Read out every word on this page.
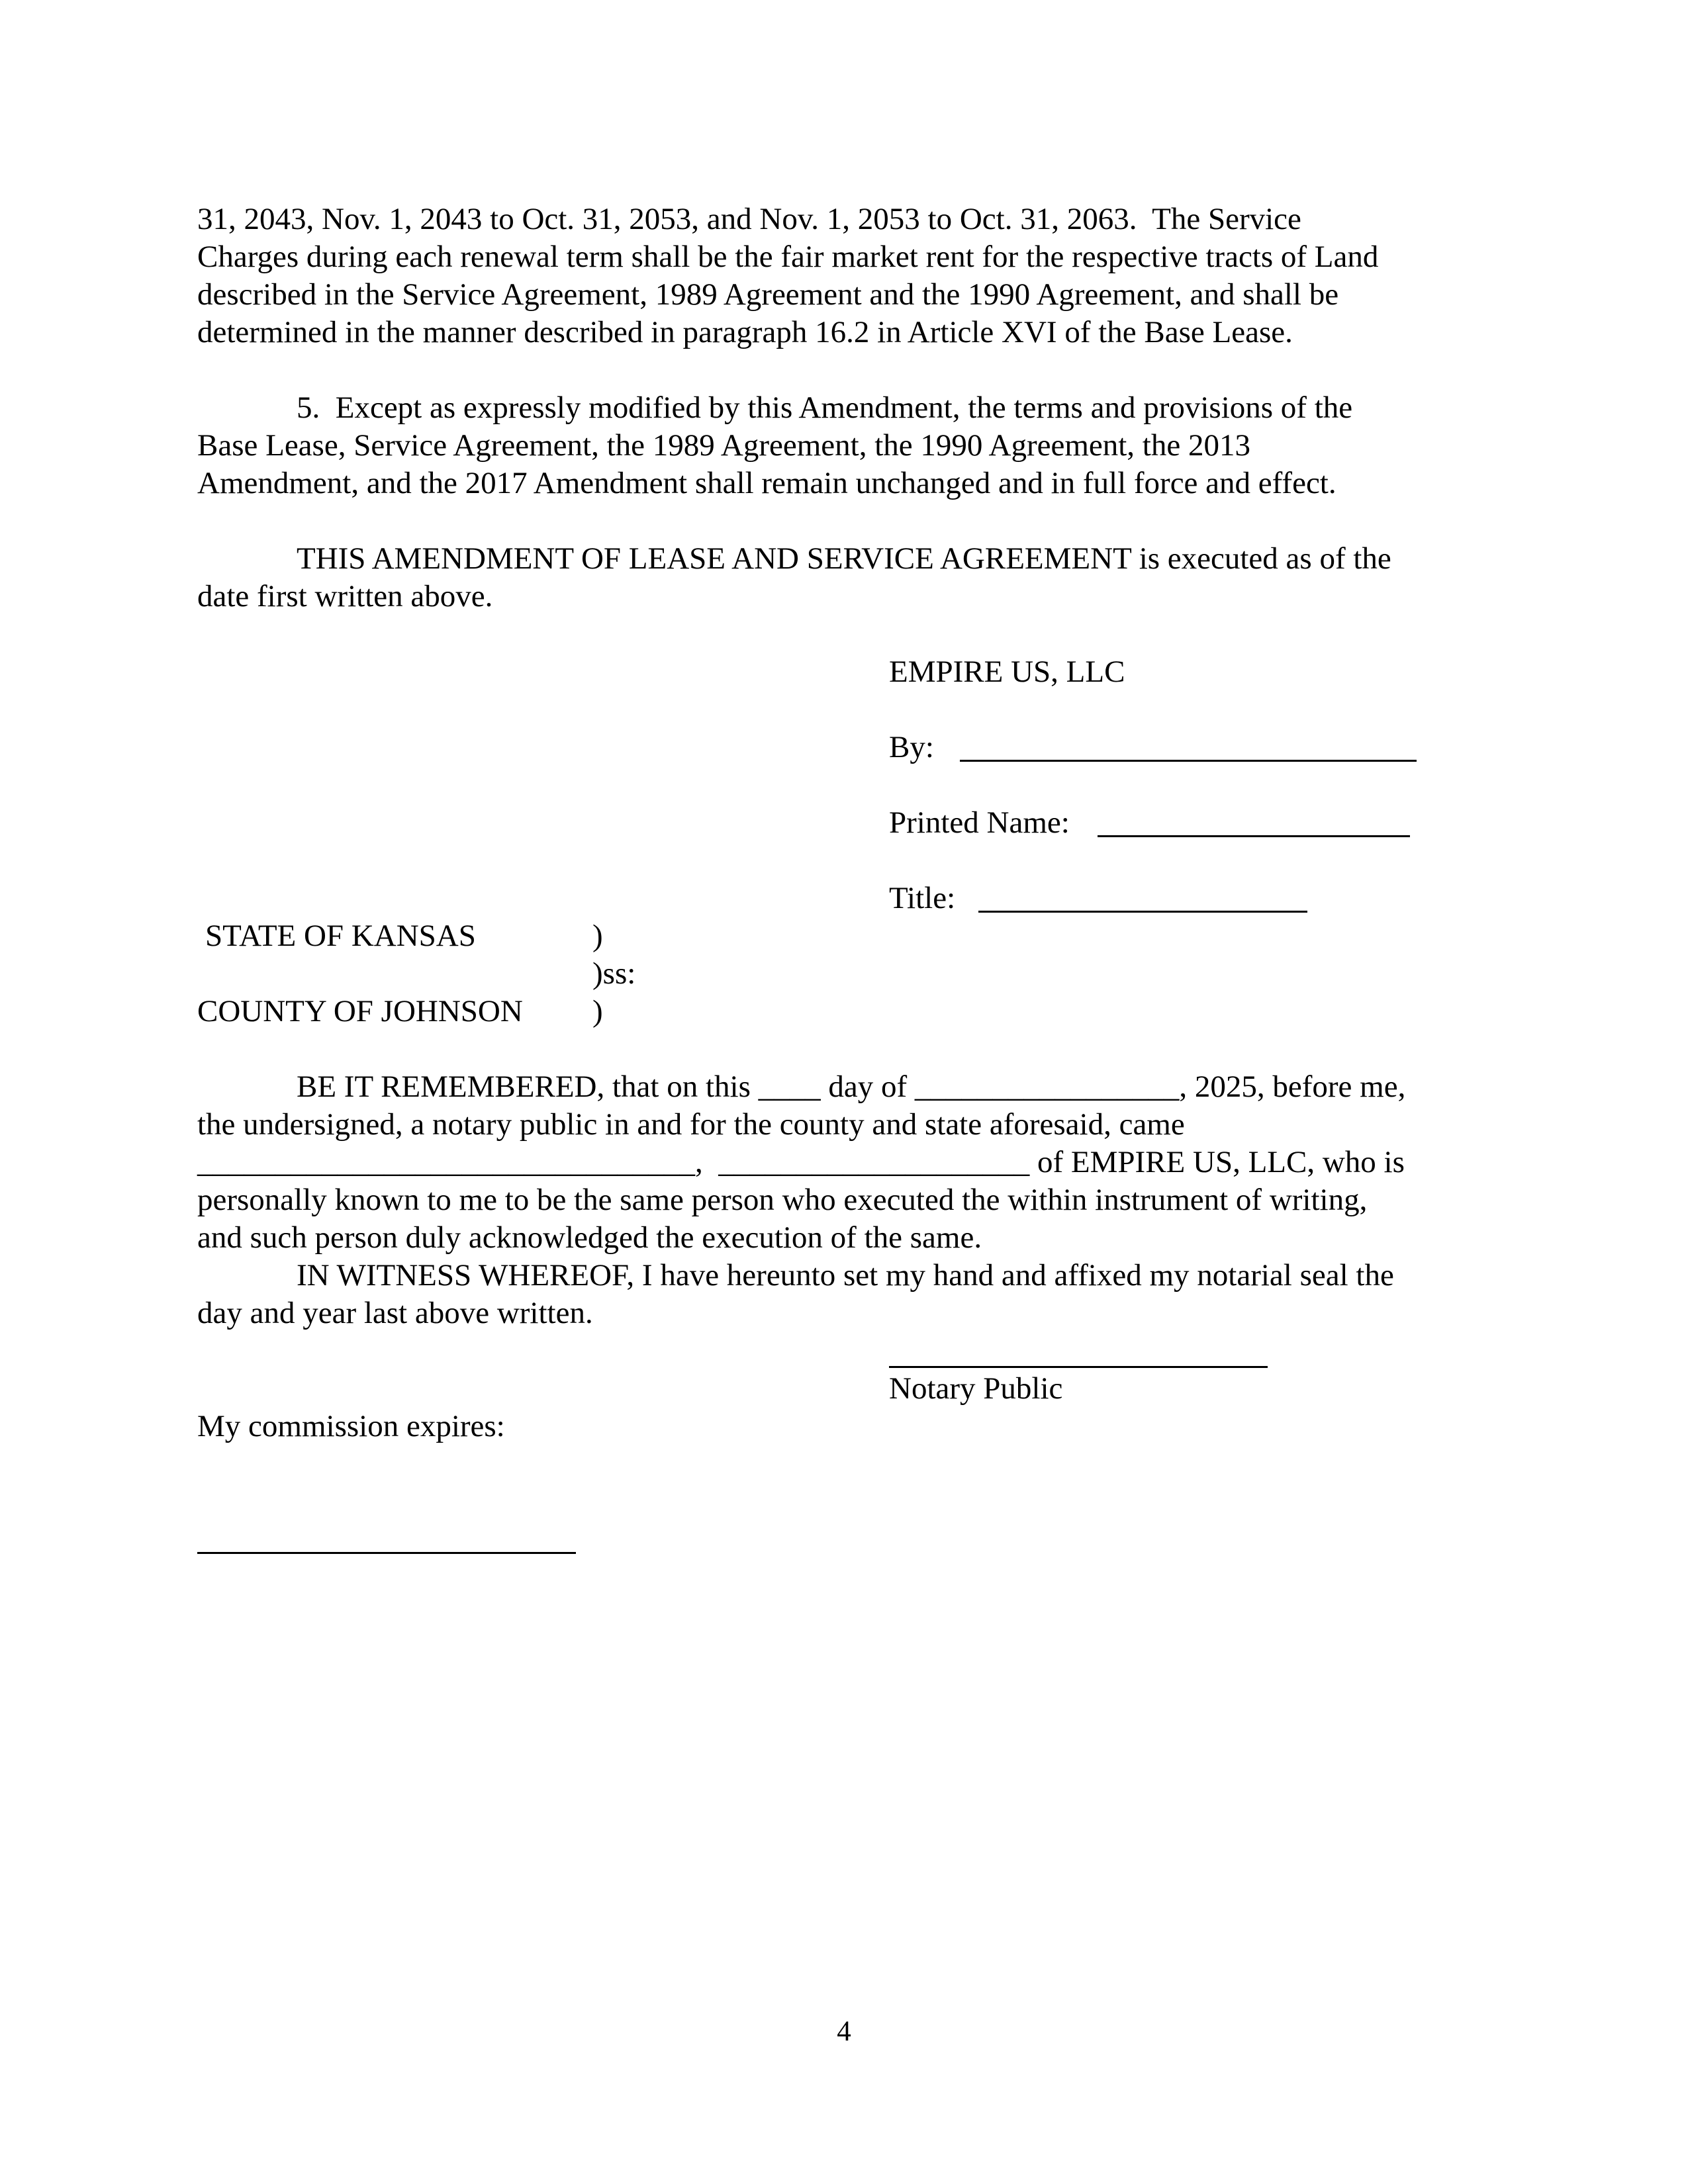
31, 2043, Nov. 1, 2043 to Oct. 31, 2053, and Nov. 1, 2053 to Oct. 31, 2063.  The Service
Charges during each renewal term shall be the fair market rent for the respective tracts of Land
described in the Service Agreement, 1989 Agreement and the 1990 Agreement, and shall be
determined in the manner described in paragraph 16.2 in Article XVI of the Base Lease.
5.  Except as expressly modified by this Amendment, the terms and provisions of the
Base Lease, Service Agreement, the 1989 Agreement, the 1990 Agreement, the 2013
Amendment, and the 2017 Amendment shall remain unchanged and in full force and effect.
THIS AMENDMENT OF LEASE AND SERVICE AGREEMENT is executed as of the
date first written above.
EMPIRE US, LLC
By:
Printed Name:
Title:
STATE OF KANSAS	)
)ss:
COUNTY OF JOHNSON )
BE IT REMEMBERED, that on this ____ day of _________________, 2025, before me,
the undersigned, a notary public in and for the county and state aforesaid, came
________________________________,  ____________________ of EMPIRE US, LLC, who is
personally known to me to be the same person who executed the within instrument of writing,
and such person duly acknowledged the execution of the same.
IN WITNESS WHEREOF, I have hereunto set my hand and affixed my notarial seal the
day and year last above written.
Notary Public
My commission expires:
4
